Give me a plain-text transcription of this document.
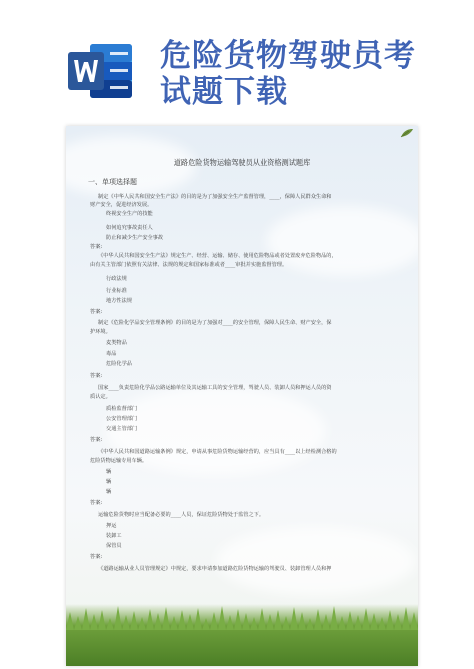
危险货物驾驶员考
试题下载
道路危险货物运输驾驶员从业资格测试题库
一、单项选择题
制定《中华人民共和国安全生产法》的目的是为了加强安全生产监督管理，____，保障人民群众生命和
财产安全，促进经济发展。
终视安全生产的技能
如何追究事故责任人
防止和减少生产安全事故
答案:
《中华人民共和国安全生产法》规定生产、经营、运输、储存、使用危险物品或者处置废弃危险物品的，
由有关主管部门依照有关法律、法规的规定和国家标准或者____审批并实施监督管理。
行政法规
行业标准
地方性法规
答案:
制定《危险化学品安全管理条例》的目的是为了加强对____的安全管理，保障人民生命、财产安全，保
护环境。
麦类物品
毒品
危险化学品
答案:
国家____负责危险化学品公路运输单位及其运输工具的安全管理，驾驶人员、装卸人员和押运人员的资
质认定。
质检监督部门
公安管理部门
交通主管部门
答案:
《中华人民共和国道路运输条例》规定，申请从事危险货物运输经营的，应当具有____以上经检测合格的
危险货物运输专用车辆。
辆
辆
辆
答案:
运输危险货物时应当配备必要的____人员，保证危险货物处于监管之下。
押运
装卸工
保管员
答案:
《道路运输从业人员管理规定》中规定，要求申请参加道路危险货物运输的驾驶员、装卸管理人员和押
